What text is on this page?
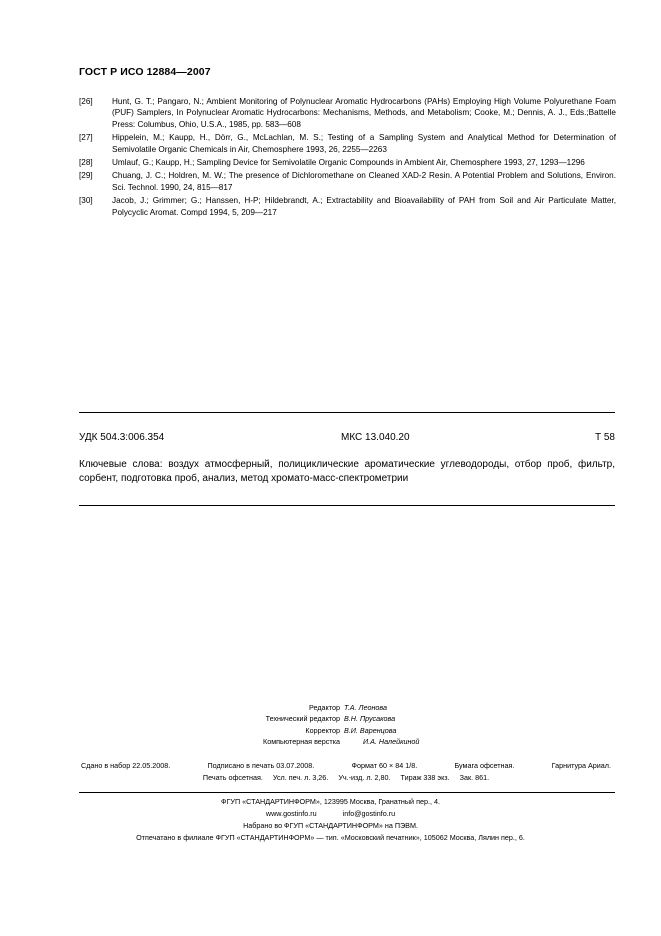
ГОСТ Р ИСО 12884—2007
[26]	Hunt, G. T.; Pangaro, N.; Ambient Monitoring of Polynuclear Aromatic Hydrocarbons (PAHs) Employing High Volume Polyurethane Foam (PUF) Samplers, In Polynuclear Aromatic Hydrocarbons: Mechanisms, Methods, and Metabolism; Cooke, M.; Dennis, A. J., Eds.;Battelle Press: Columbus, Ohio, U.S.A., 1985, pp. 583—608
[27]	Hippelein, M.; Kaupp, H., Dörr, G., McLachlan, M. S.; Testing of a Sampling System and Analytical Method for Determination of Semivolatile Organic Chemicals in Air, Chemosphere 1993, 26, 2255—2263
[28]	Umlauf, G.; Kaupp, H.; Sampling Device for Semivolatile Organic Compounds in Ambient Air, Chemosphere 1993, 27, 1293—1296
[29]	Chuang, J. C.; Holdren, M. W.; The presence of Dichloromethane on Cleaned XAD-2 Resin. A Potential Problem and Solutions, Environ. Sci. Technol. 1990, 24, 815—817
[30]	Jacob, J.; Grimmer; G.; Hanssen, H-P; Hildebrandt, A.; Extractability and Bioavailability of PAH from Soil and Air Particulate Matter, Polycyclic Aromat. Compd 1994, 5, 209—217
УДК 504.3:006.354	МКС 13.040.20	Т 58
Ключевые слова: воздух атмосферный, полициклические ароматические углеводороды, отбор проб, фильтр, сорбент, подготовка проб, анализ, метод хромато-масс-спектрометрии
Редактор Т.А. Леонова
Технический редактор В.Н. Прусакова
Корректор В.И. Варенцова
Компьютерная верстка	И.А. Налейкиной
Сдано в набор 22.05.2008.	Подписано в печать 03.07.2008.	Формат 60 × 84 1/8.	Бумага офсетная.	Гарнитура Ариал.
Печать офсетная. Усл. печ. л. 3,26. Уч.-изд. л. 2,80. Тираж 338 экз. Зак. 861.
ФГУП «СТАНДАРТИНФОРМ», 123995 Москва, Гранатный пер., 4.
www.gostinfo.ru	info@gostinfo.ru
Набрано во ФГУП «СТАНДАРТИНФОРМ» на ПЭВМ.
Отпечатано в филиале ФГУП «СТАНДАРТИНФОРМ» — тип. «Московский печатник», 105062 Москва, Лялин пер., 6.
